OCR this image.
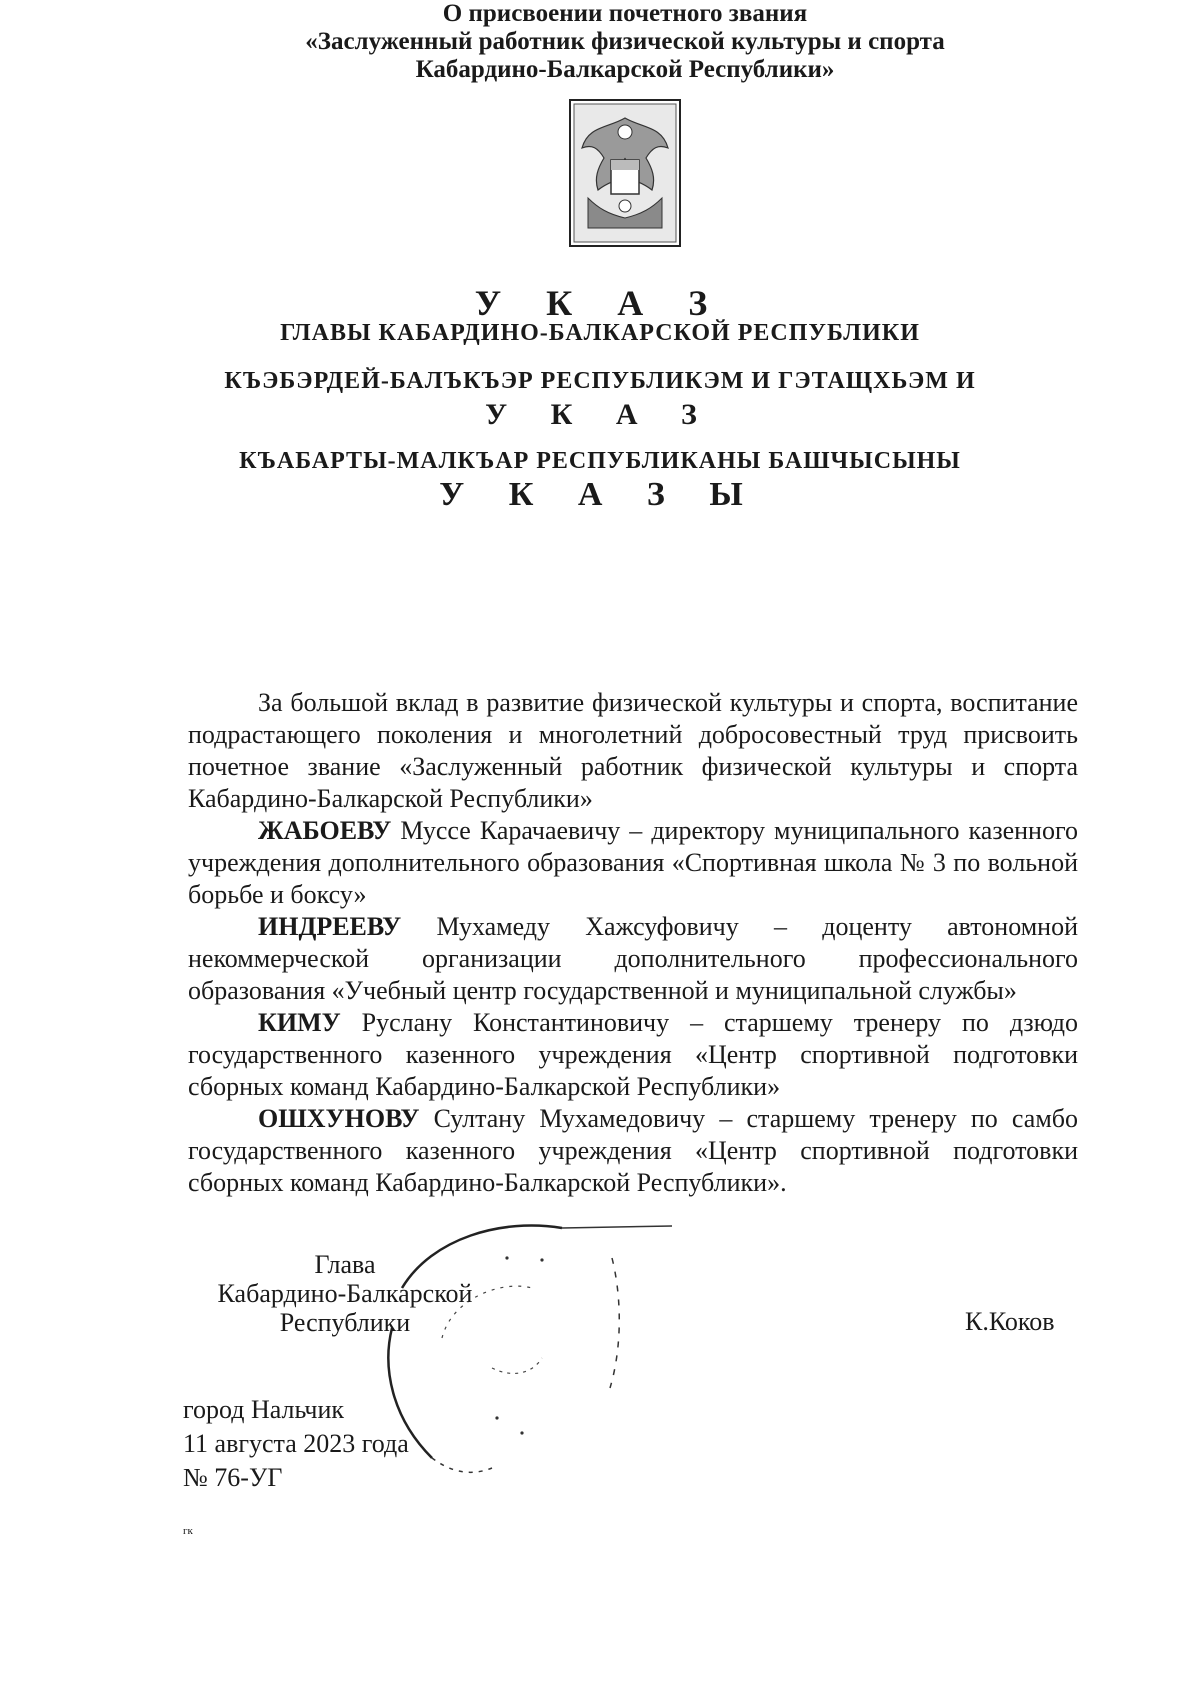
У К А З
ГЛАВЫ КАБАРДИНО-БАЛКАРСКОЙ РЕСПУБЛИКИ
КЪЭБЭРДЕЙ-БАЛЪКЪЭР РЕСПУБЛИКЭМ И ГЭТАЩХЬЭМ И
У К А З
КЪАБАРТЫ-МАЛКЪАР РЕСПУБЛИКАНЫ БАШЧЫСЫНЫ
У К А З Ы
О присвоении почетного звания
«Заслуженный работник физической культуры и спорта
Кабардино-Балкарской Республики»

За большой вклад в развитие физической культуры и спорта, воспитание подрастающего поколения и многолетний добросовестный труд присвоить почетное звание «Заслуженный работник физической культуры и спорта Кабардино-Балкарской Республики»

ЖАБОЕВУ Муссе Карачаевичу – директору муниципального казенного учреждения дополнительного образования «Спортивная школа № 3 по вольной борьбе и боксу»

ИНДРЕЕВУ Мухамеду Хажсуфовичу – доценту автономной некоммерческой организации дополнительного профессионального образования «Учебный центр государственной и муниципальной службы»

КИМУ Руслану Константиновичу – старшему тренеру по дзюдо государственного казенного учреждения «Центр спортивной подготовки сборных команд Кабардино-Балкарской Республики»

ОШХУНОВУ Султану Мухамедовичу – старшему тренеру по самбо государственного казенного учреждения «Центр спортивной подготовки сборных команд Кабардино-Балкарской Республики».

Глава
Кабардино-Балкарской
Республики	К.Коков
город Нальчик
11 августа 2023 года
№ 76-УГ
гк
